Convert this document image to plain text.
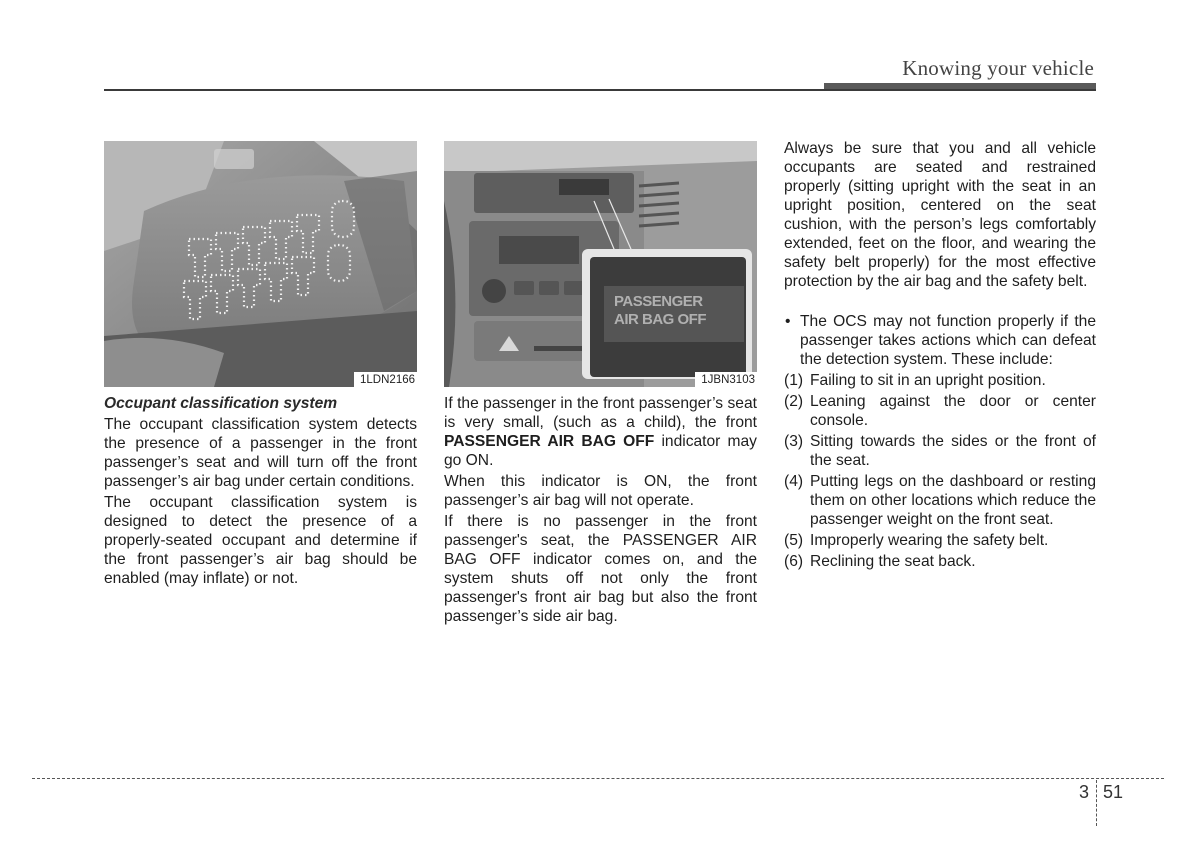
Knowing your vehicle
1LDN2166
PASSENGER
AIR BAG OFF
1JBN3103

Occupant classification system

The occupant classification system detects the presence of a passenger in the front passenger’s seat and will turn off the front passenger’s air bag under certain conditions.

The occupant classification system is designed to detect the presence of a properly-seated occupant and determine if the front passenger’s air bag should be enabled (may inflate) or not.

If the passenger in the front passenger’s seat is very small, (such as a child), the front PASSENGER AIR BAG OFF indicator may go ON.

When this indicator is ON, the front passenger’s air bag will not operate.

If there is no passenger in the front passenger's seat, the PASSENGER AIR BAG OFF indicator comes on, and the system shuts off not only the front passenger's front air bag but also the front passenger’s side air bag.

Always be sure that you and all vehicle occupants are seated and restrained properly (sitting upright with the seat in an upright position, centered on the seat cushion, with the person’s legs comfortably extended, feet on the floor, and wearing the safety belt properly) for the most effective protection by the air bag and the safety belt.

• The OCS may not function properly if the passenger takes actions which can defeat the detection system. These include:
(1) Failing to sit in an upright position.
(2) Leaning against the door or center console.
(3) Sitting towards the sides or the front of the seat.
(4) Putting legs on the dashboard or resting them on other locations which reduce the passenger weight on the front seat.
(5) Improperly wearing the safety belt.
(6) Reclining the seat back.
3 51
